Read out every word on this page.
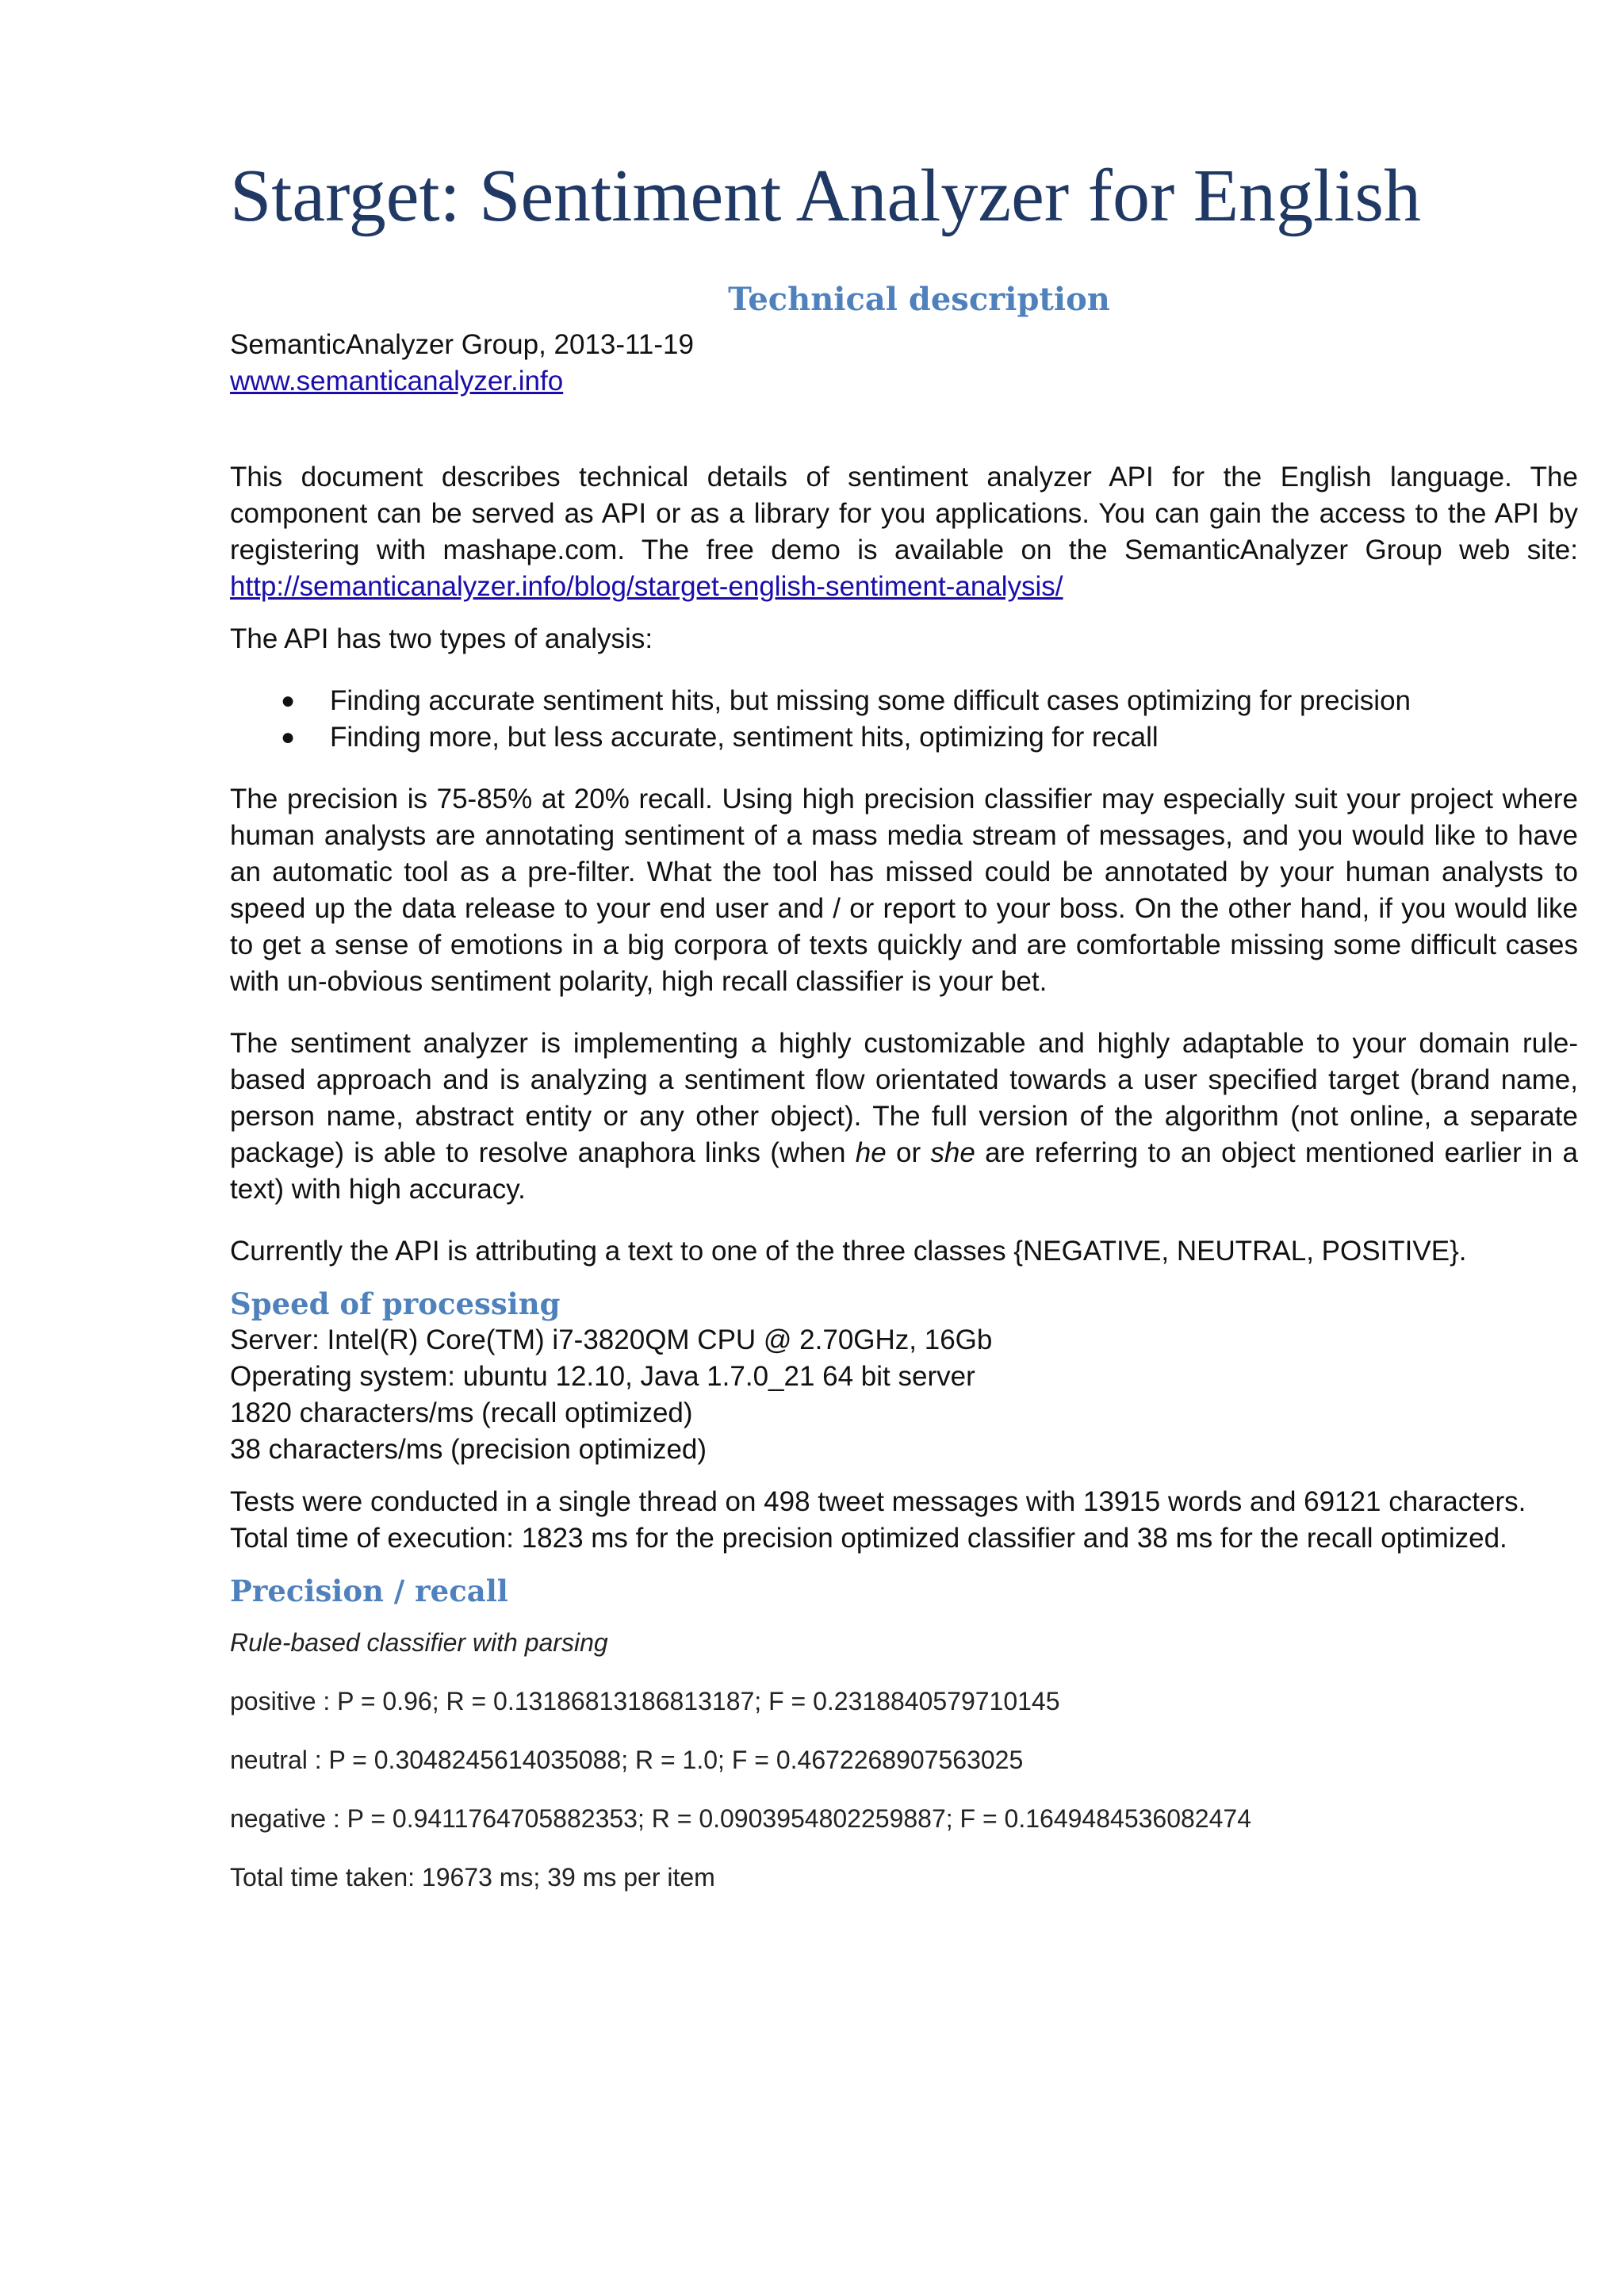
Starget: Sentiment Analyzer for English
Technical description

SemanticAnalyzer Group, 2013-11-19

www.semanticanalyzer.info

This document describes technical details of sentiment analyzer API for the English language. The component can be served as API or as a library for you applications. You can gain the access to the API by registering with mashape.com. The free demo is available on the SemanticAnalyzer Group web site: http://semanticanalyzer.info/blog/starget-english-sentiment-analysis/

The API has two types of analysis:

● Finding accurate sentiment hits, but missing some difficult cases optimizing for precision
● Finding more, but less accurate, sentiment hits, optimizing for recall

The precision is 75-85% at 20% recall. Using high precision classifier may especially suit your project where human analysts are annotating sentiment of a mass media stream of messages, and you would like to have an automatic tool as a pre-filter. What the tool has missed could be annotated by your human analysts to speed up the data release to your end user and / or report to your boss. On the other hand, if you would like to get a sense of emotions in a big corpora of texts quickly and are comfortable missing some difficult cases with un-obvious sentiment polarity, high recall classifier is your bet.

The sentiment analyzer is implementing a highly customizable and highly adaptable to your domain rule-based approach and is analyzing a sentiment flow orientated towards a user specified target (brand name, person name, abstract entity or any other object). The full version of the algorithm (not online, a separate package) is able to resolve anaphora links (when he or she are referring to an object mentioned earlier in a text) with high accuracy.

Currently the API is attributing a text to one of the three classes {NEGATIVE, NEUTRAL, POSITIVE}.

Speed of processing

Server: Intel(R) Core(TM) i7-3820QM CPU @ 2.70GHz, 16Gb

Operating system: ubuntu 12.10, Java 1.7.0_21 64 bit server

1820 characters/ms (recall optimized)

38 characters/ms (precision optimized)

Tests were conducted in a single thread on 498 tweet messages with 13915 words and 69121 characters. Total time of execution: 1823 ms for the precision optimized classifier and 38 ms for the recall optimized.

Precision / recall

Rule-based classifier with parsing

positive : P = 0.96; R = 0.13186813186813187; F = 0.2318840579710145

neutral : P = 0.3048245614035088; R = 1.0; F = 0.4672268907563025

negative : P = 0.9411764705882353; R = 0.0903954802259887; F = 0.1649484536082474

Total time taken: 19673 ms; 39 ms per item
